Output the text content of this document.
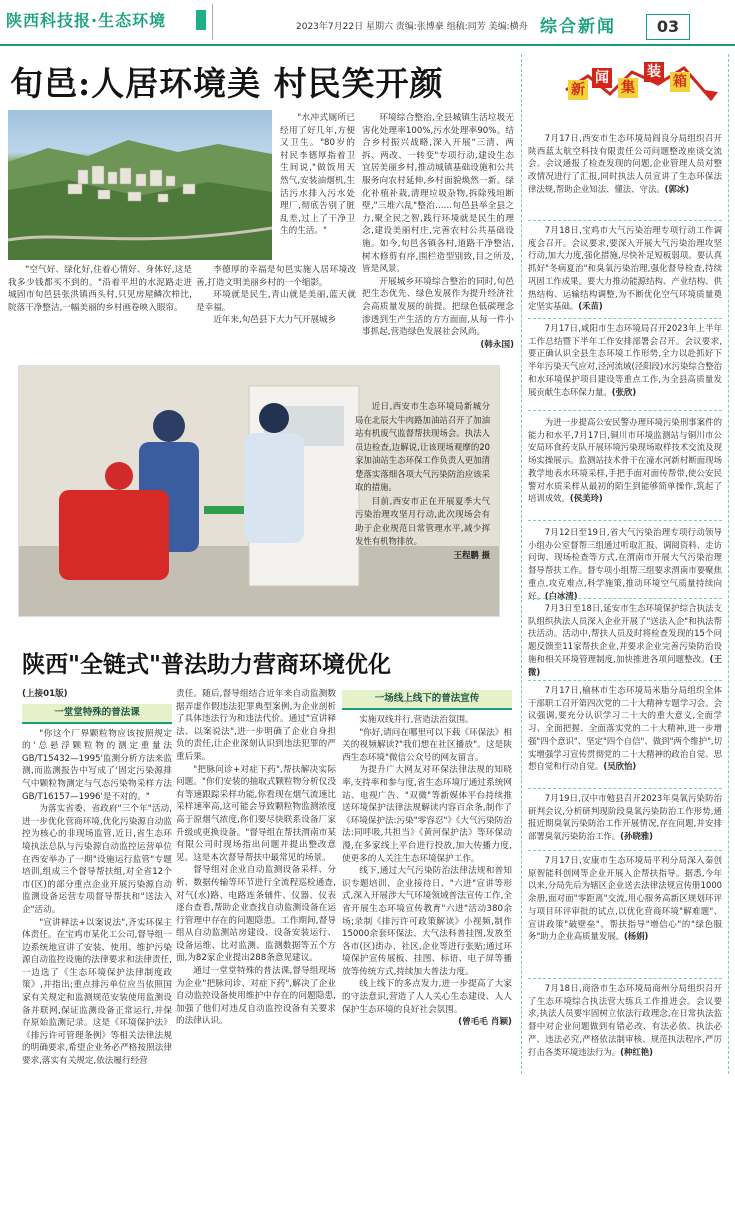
陕西科技报·生态环境	2023年7月22日 星期六 责编:张博豪 组稿:同芳 美编:横舟 综合新闻	03
旬邑:人居环境美 村民笑开颜
"水冲式厕所已经用了好几年,方便又卫生。"80岁的村民李德厚指着卫生间说,"做饭用天然气,安装油烟机,生活污水排入污水处理厂,彻底告别了脏乱差,过上了干净卫生的生活。"
"空气好、绿化好,住着心情好、身体好,这是我多少钱都买不到的。"沿着平坦的水泥路走进城固市旬邑县张洪镇西头村,只见房屋鳞次栉比,院落干净整洁,一幅美丽的乡村画卷映入眼帘。

李德厚的幸福是旬邑实施人居环境改善,打造文明美丽乡村的一个缩影。

环境就是民生,青山就是美丽,蓝天就是幸福。

近年来,旬邑县下大力气开展城乡

环境综合整治,全县城镇生活垃圾无害化处理率100%,污水处理率90%。结合乡村振兴战略,深入开展"三清、两拆、两改、一转变"专项行动,建设生态宜居美丽乡村,推动城镇基础设施和公共服务向农村延伸,乡村面貌焕然一新。绿化补植补栽,清理垃圾杂物,拆除残垣断壁,"三堆六乱"整治……旬邑县举全县之力,聚全民之智,践行环境就是民生的理念,建设美丽村庄,完善农村公共基础设施。如今,旬邑各镇各村,道路干净整洁,树木修剪有序,围栏造型别致,目之所及,皆是风景。

开展城乡环境综合整治的同时,旬邑把生态优先、绿色发展作为提升经济社会高质量发展的前提。把绿色低碳理念渗透到生产生活的方方面面,从每一件小事抓起,营造绿色发展社会风尚。

(韩永国)

近日,西安市生态环境局新城分局在北辰大牛肉路加油站召开了加油站有机废气监督帮扶现场会。执法人员边检查,边解说,让该现场观摩的20家加油站生态环保工作负责人更加清楚落实落细各项大气污染防治应该采取的措施。

目前,西安市正在开展夏季大气污染治理攻坚月行动,此次现场会有助于企业规范日常管理水平,减少挥发性有机物排放。

王程鹏 摄

陕西"全链式"普法助力营商环境优化

(上接01版)

一堂堂特殊的普法课

"你这个厂界颗粒物应该按照规定的'总悬浮颗粒物的测定重量法GB/T15432—1995'监测分析方法来监测,而监测报告中写成了'固定污染源排气中颗粒物测定与气态污染物采样方法GB/T16157—1996'是不对的。"

为落实省委、省政府"三个年"活动,进一步优化营商环境,优化污染源自动监控为核心的非现场监管,近日,省生态环境执法总队与污染源自动监控运营单位在西安举办了一期"设施运行监管"专题培训,组成三个督导帮扶组,对全省12个市(区)的部分重点企业开展污染源自动监测设备运营专项督导帮扶和"送法入企"活动。

"宣讲释法+以案说法",齐实环保主体责任。在宝鸡市某化工公司,督导组一边系统地宣讲了安装、使用、维护污染源自动监控设施的法律要求和法律责任,一边选了《生态环境保护法律制度政策》,并指出;重点排污单位应当依照国家有关规定和监测规范安装使用监测设备并联网,保证监测设备正常运行,并保存原始监测记录。这是《环境保护法》《排污许可管理条例》等相关法律法规的明确要求,希望企业务必严格按照法律要求,落实有关规定,依法履行经营

责任。随后,督导组结合近年来自动监测数据弄虚作假违法犯罪典型案例,为企业剖析了具体违法行为和违法代价。通过"宣讲释法、以案说法",进一步明确了企业自身担负的责任,让企业深刻认识到违法犯罪的严重后果。

"把脉问诊+对症下药",帮扶解决实际问题。"你们安装的抽取式颗粒物分析仪没有等速跟踪采样功能,你看现在烟气流速比采样速率高,这可能会导致颗粒物监测浓度高于原烟气浓度,你们要尽快联系设备厂家升级或更换设备。"督导组在帮扶渭南市某有限公司时现场指出问题并提出整改意见。这是本次督导帮扶中最常见的场景。

督导组对企业自动监测设备采样、分析、数据传输等环节进行全流程巡检通查,对气(水)路、电路连条辅件、仪器、仪表逐台查看,帮助企业查找自动监测设备在运行管理中存在的问题隐患。工作期间,督导组从自动监测站房建设、设备安装运行、设备运维、比对监测、监测数据等五个方面,为82家企业提出288条意见建议。

通过一堂堂特殊的普法课,督导组现场为企业"把脉问诊、对症下药",解决了企业自动监控设备使用维护中存在的问题隐患,加强了他们对违反自动监控设备有关要求的法律认识。

一场线上线下的普法宣传

实施双线并行,营造法治氛围。

"你好,请问在哪里可以下载《环保法》相关的视频解读?"我们想在社区播放"。这是陕西生态环境"微信公众号的网友留言。

为提升广大网友对环保法律法规的知晓率,支持率和参与度,省生态环境厅通过系统网站、电视广告、"双微"等新媒体平台持续推送环境保护法律法规解读内容百余条,制作了《环境保护法:污染"零容忍"》《大气污染防治法:同呼吸,共担当》《黄河保护法》等环保动漫,在多家线上平台进行投放,加大传播力度,使更多的人关注生态环境保护工作。

线下,通过大气污染防治法律法规和普知识专题培训、企业接待日、"六进"宣讲等形式,深入开展涉大气环境领域普法宣传工作,全省开展生态环境宣传教育"六进"活动380余场;录制《排污许可政策解读》小视频,制作15000余套环保法、大气法科普挂图,发放至各市(区)街办、社区,企业等进行张贴;通过环境保护宣传展板、挂图、标语、电子屏等播放等传统方式,持续加大普法力度。

线上线下的多点发力,进一步提高了大家的守法意识,营造了人人关心生态建设、人人保护生态环境的良好社会氛围。

(曾毛毛 肖颖)

新
闻
集
装
箱
7月17日,西安市生态环境局阎良分局组织召开陕西蓝太航空科技有限责任公司问题整改座谈交流会。会议通报了检查发现的问题,企业管理人员对整改情况进行了汇报,同时执法人员宣讲了生态环保法律法规,帮助企业知法、懂法、守法。(郭冰)
7月18日,宝鸡市大气污染治理专项行动工作调度会召开。会议要求,要深入开展大气污染治理攻坚行动,加大力度,强化措施,尽快补足短板弱项。要认真抓好"冬病夏治"和臭氧污染治理,强化督导检查,持续巩固工作成果。要大力推动能源结构、产业结构、供热结构、运输结构调整,为不断优化空气环境质量奠定坚实基础。(禾苗)
7月17日,咸阳市生态环境局召开2023年上半年工作总结暨下半年工作安排部署会召开。会议要求,要正确认识全县生态环境工作形势,全力以赴抓好下半年污染天气应对,泾河流域(泾阳段)水污染综合整治和水环境保护项目建设等重点工作,为全县高质量发展贡献生态环保力量。(张欣)
为进一步提高公安民警办理环境污染刑事案件的能力和水平,7月17日,铜川市环境监测站与铜川市公安局环食药支队开展环境污染现场取样技术交流及现场实操展示。监测站技术骨干在潼水河新村断面现场教学地表水环境采样,手把手面对面传帮带,使公安民警对水质采样从最初的陌生到能够简单操作,筑起了培训成效。(侯美玲)
7月12日至19日,省大气污染治理专项行动领导小组办公室督帮三组通过听取汇报、调阅资料、走访问询、现场检查等方式,在渭南市开展大气污染治理督导帮扶工作。督专项小组帮三组要求渭南市要聚焦重点,攻克难点,科学施策,推动环境空气质量持续向好。(白冰清)
7月3日至18日,延安市生态环境保护综合执法支队组织执法人员深入企业开展了"送法入企"和执法帮扶活动。活动中,帮扶人员及时将检查发现的15个问题反馈至11家帮扶企业,并要求企业完善污染防治设施和相关环境管理制度,加快推进各项问题整改。(王微)
7月17日,榆林市生态环境局米脂分局组织全体干部职工召开第四次党的二十大精神专题学习会。会议强调,要充分认识学习二十大的重大意义,全面学习、全面把握、全面落实党的二十大精神,进一步增强"四个意识"、坚定"四个自信"、做到"两个维护",切实增强学习宣传贯彻党的二十大精神的政治自觉、思想自觉和行动自觉。(吴欣怡)
7月19日,汉中市勉县召开2023年臭氧污染防治研判会议,分析研判现阶段臭氧污染防治工作形势,通报近期臭氧污染防治工作开展情况,存在问题,并安排部署臭氧污染防治工作。(孙晓雅)
7月17日,安康市生态环境局平利分局深入秦创原智能科创网等企业开展入企帮扶指导。据悉,今年以来,分局先后为辖区企业送去法律法规宣传册1000余册,面对面"零距离"交流,用心服务高新区规划环评与项目环评审批的试点,以优化营商环境"解难题"、宣讲政策"破壁垒"、帮扶指导"增信心"的"绿色服务"助力企业高质量发展。(杨娟)
7月18日,商洛市生态环境局商州分局组织召开了生态环境综合执法营大练兵工作推进会。会议要求,执法人员要牢固树立依法行政理念,在日常执法监督中对企业问题做到有错必改、有法必依、执法必严、违法必究,严格依法制审核、规范执法程序,严厉打击各类环境违法行为。(种红艳)
